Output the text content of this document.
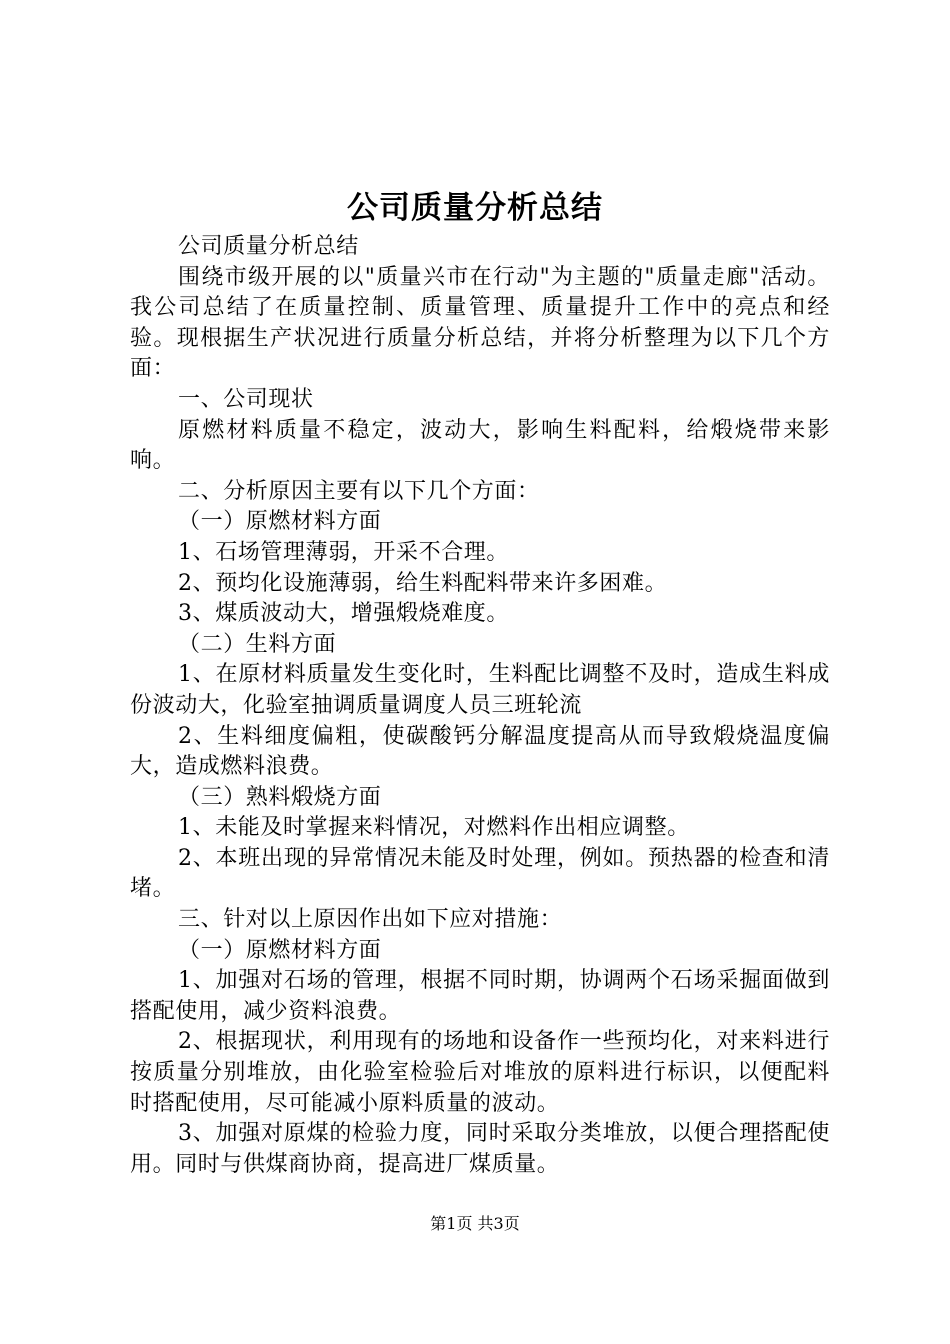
公司质量分析总结

公司质量分析总结

围绕市级开展的以"质量兴市在行动"为主题的"质量走廊"活动。我公司总结了在质量控制、质量管理、质量提升工作中的亮点和经验。现根据生产状况进行质量分析总结，并将分析整理为以下几个方面：

一、公司现状

原燃材料质量不稳定，波动大，影响生料配料，给煅烧带来影响。

二、分析原因主要有以下几个方面：

（一）原燃材料方面

1、石场管理薄弱，开采不合理。

2、预均化设施薄弱，给生料配料带来许多困难。

3、煤质波动大，增强煅烧难度。

（二）生料方面

1、在原材料质量发生变化时，生料配比调整不及时，造成生料成份波动大，化验室抽调质量调度人员三班轮流

2、生料细度偏粗，使碳酸钙分解温度提高从而导致煅烧温度偏大，造成燃料浪费。

（三）熟料煅烧方面

1、未能及时掌握来料情况，对燃料作出相应调整。

2、本班出现的异常情况未能及时处理，例如。预热器的检查和清堵。

三、针对以上原因作出如下应对措施：

（一）原燃材料方面

1、加强对石场的管理，根据不同时期，协调两个石场采掘面做到搭配使用，减少资料浪费。

2、根据现状，利用现有的场地和设备作一些预均化，对来料进行按质量分别堆放，由化验室检验后对堆放的原料进行标识，以便配料时搭配使用，尽可能减小原料质量的波动。

3、加强对原煤的检验力度，同时采取分类堆放，以便合理搭配使用。同时与供煤商协商，提高进厂煤质量。

第1页 共3页
